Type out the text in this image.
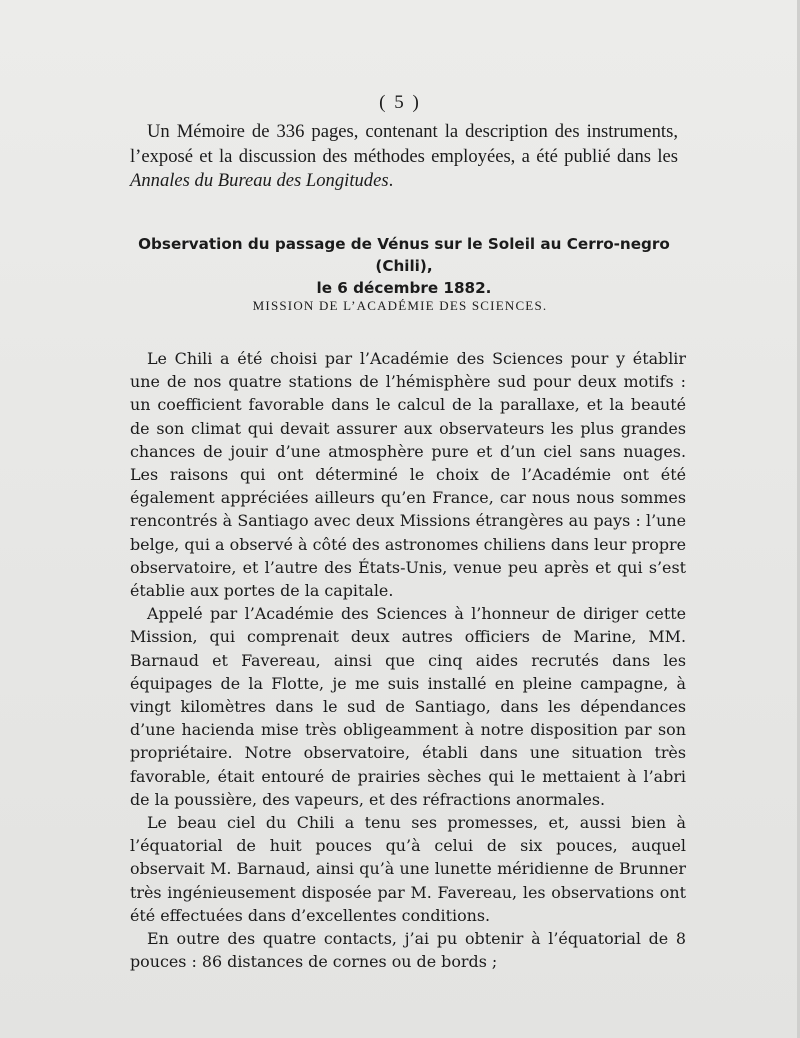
( 5 )

Un Mémoire de 336 pages, contenant la description des instruments, l’exposé et la discussion des méthodes employées, a été publié dans les Annales du Bureau des Longitudes.

Observation du passage de Vénus sur le Soleil au Cerro-negro (Chili),
le 6 décembre 1882.
MISSION DE L’ACADÉMIE DES SCIENCES.

Le Chili a été choisi par l’Académie des Sciences pour y établir une de nos quatre stations de l’hémisphère sud pour deux motifs : un coefficient favorable dans le calcul de la parallaxe, et la beauté de son climat qui devait assurer aux observateurs les plus grandes chances de jouir d’une atmosphère pure et d’un ciel sans nuages. Les raisons qui ont déterminé le choix de l’Académie ont été également appréciées ailleurs qu’en France, car nous nous sommes rencontrés à Santiago avec deux Missions étrangères au pays : l’une belge, qui a observé à côté des astronomes chiliens dans leur propre observatoire, et l’autre des États-Unis, venue peu après et qui s’est établie aux portes de la capitale.

Appelé par l’Académie des Sciences à l’honneur de diriger cette Mission, qui comprenait deux autres officiers de Marine, MM. Barnaud et Favereau, ainsi que cinq aides recrutés dans les équipages de la Flotte, je me suis installé en pleine campagne, à vingt kilomètres dans le sud de Santiago, dans les dépendances d’une hacienda mise très obligeamment à notre disposition par son propriétaire. Notre observatoire, établi dans une situation très favorable, était entouré de prairies sèches qui le mettaient à l’abri de la poussière, des vapeurs, et des réfractions anormales.

Le beau ciel du Chili a tenu ses promesses, et, aussi bien à l’équatorial de huit pouces qu’à celui de six pouces, auquel observait M. Barnaud, ainsi qu’à une lunette méridienne de Brunner très ingénieusement disposée par M. Favereau, les observations ont été effectuées dans d’excellentes conditions.

En outre des quatre contacts, j’ai pu obtenir à l’équatorial de 8 pouces : 86 distances de cornes ou de bords ;
